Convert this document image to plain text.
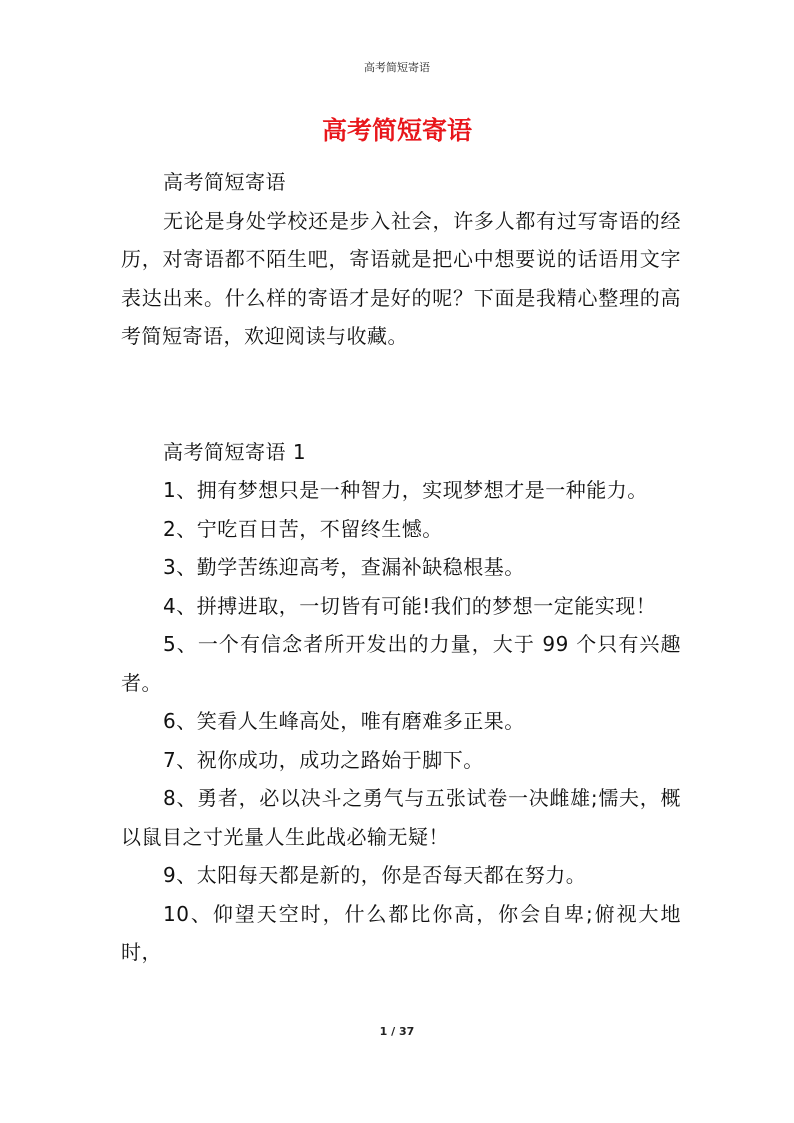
高考简短寄语
高考简短寄语

高考简短寄语

无论是身处学校还是步入社会，许多人都有过写寄语的经历，对寄语都不陌生吧，寄语就是把心中想要说的话语用文字表达出来。什么样的寄语才是好的呢？下面是我精心整理的高考简短寄语，欢迎阅读与收藏。

高考简短寄语 1

1、拥有梦想只是一种智力，实现梦想才是一种能力。

2、宁吃百日苦，不留终生憾。

3、勤学苦练迎高考，查漏补缺稳根基。

4、拼搏进取，一切皆有可能!我们的梦想一定能实现！

5、一个有信念者所开发出的力量，大于 99 个只有兴趣者。

6、笑看人生峰高处，唯有磨难多正果。

7、祝你成功，成功之路始于脚下。

8、勇者，必以决斗之勇气与五张试卷一决雌雄;懦夫，概以鼠目之寸光量人生此战必输无疑！

9、太阳每天都是新的，你是否每天都在努力。

10、仰望天空时，什么都比你高，你会自卑;俯视大地时，

1 / 37
